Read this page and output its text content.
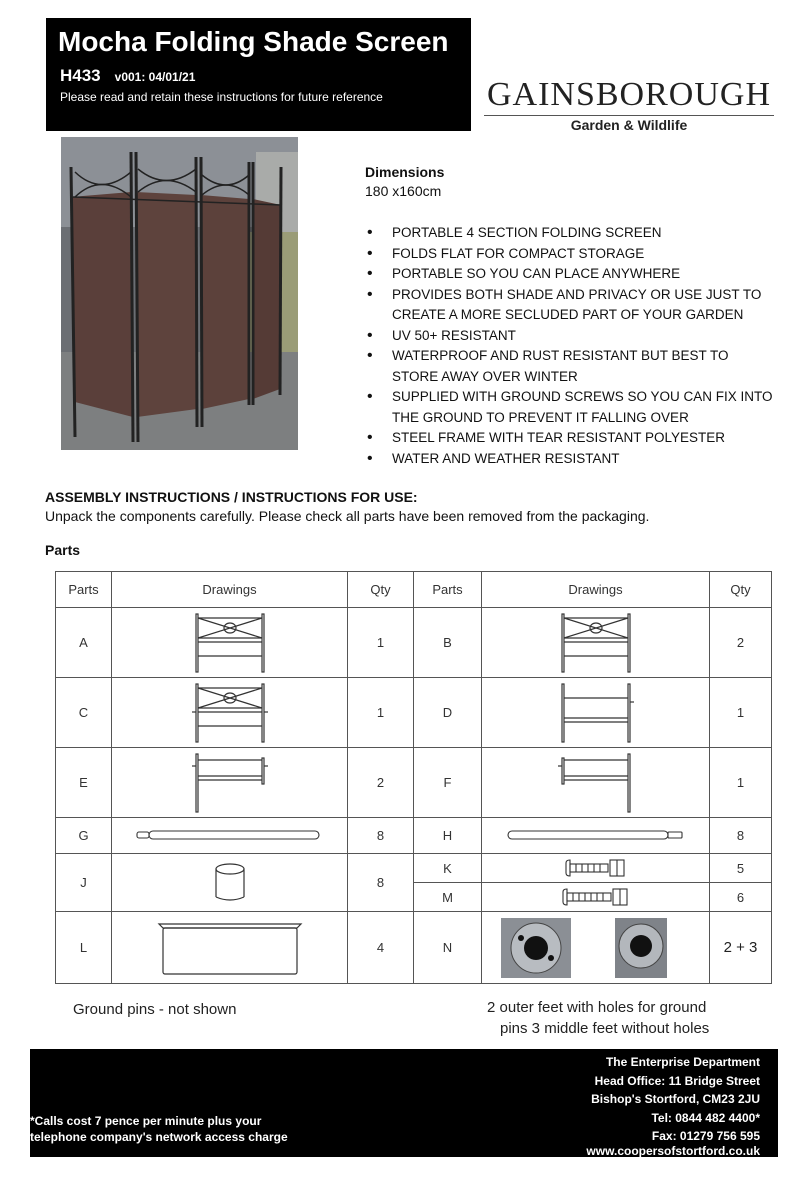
Mocha Folding Shade Screen
H433 v001: 04/01/21
Please read and retain these instructions for future reference	GAINSBOROUGH
Garden & Wildlife
Dimensions
180 x160cm
• PORTABLE 4 SECTION FOLDING SCREEN
• FOLDS FLAT FOR COMPACT STORAGE
• PORTABLE SO YOU CAN PLACE ANYWHERE
• PROVIDES BOTH SHADE AND PRIVACY OR USE JUST TO CREATE A MORE SECLUDED PART OF YOUR GARDEN
• UV 50+ RESISTANT
• WATERPROOF AND RUST RESISTANT BUT BEST TO STORE AWAY OVER WINTER
• SUPPLIED WITH GROUND SCREWS SO YOU CAN FIX INTO THE GROUND TO PREVENT IT FALLING OVER
• STEEL FRAME WITH TEAR RESISTANT POLYESTER
• WATER AND WEATHER RESISTANT
ASSEMBLY INSTRUCTIONS / INSTRUCTIONS FOR USE:
Unpack the components carefully. Please check all parts have been removed from the packaging.
Parts
Parts	Drawings	Qty	Parts	Drawings	Qty
A		1	B		2
C		1	D		1
E		2	F		1
G		8	H		8
J		8	K		5
			M		6
L		4	N		2 + 3
Ground pins - not shown	2 outer feet with holes for ground
pins 3 middle feet without holes
The Enterprise Department
Head Office: 11 Bridge Street
Bishop's Stortford, CM23 2JU
Tel: 0844 482 4400*
Fax: 01279 756 595
www.coopersofstortford.co.uk
*Calls cost 7 pence per minute plus your
telephone company's network access charge
